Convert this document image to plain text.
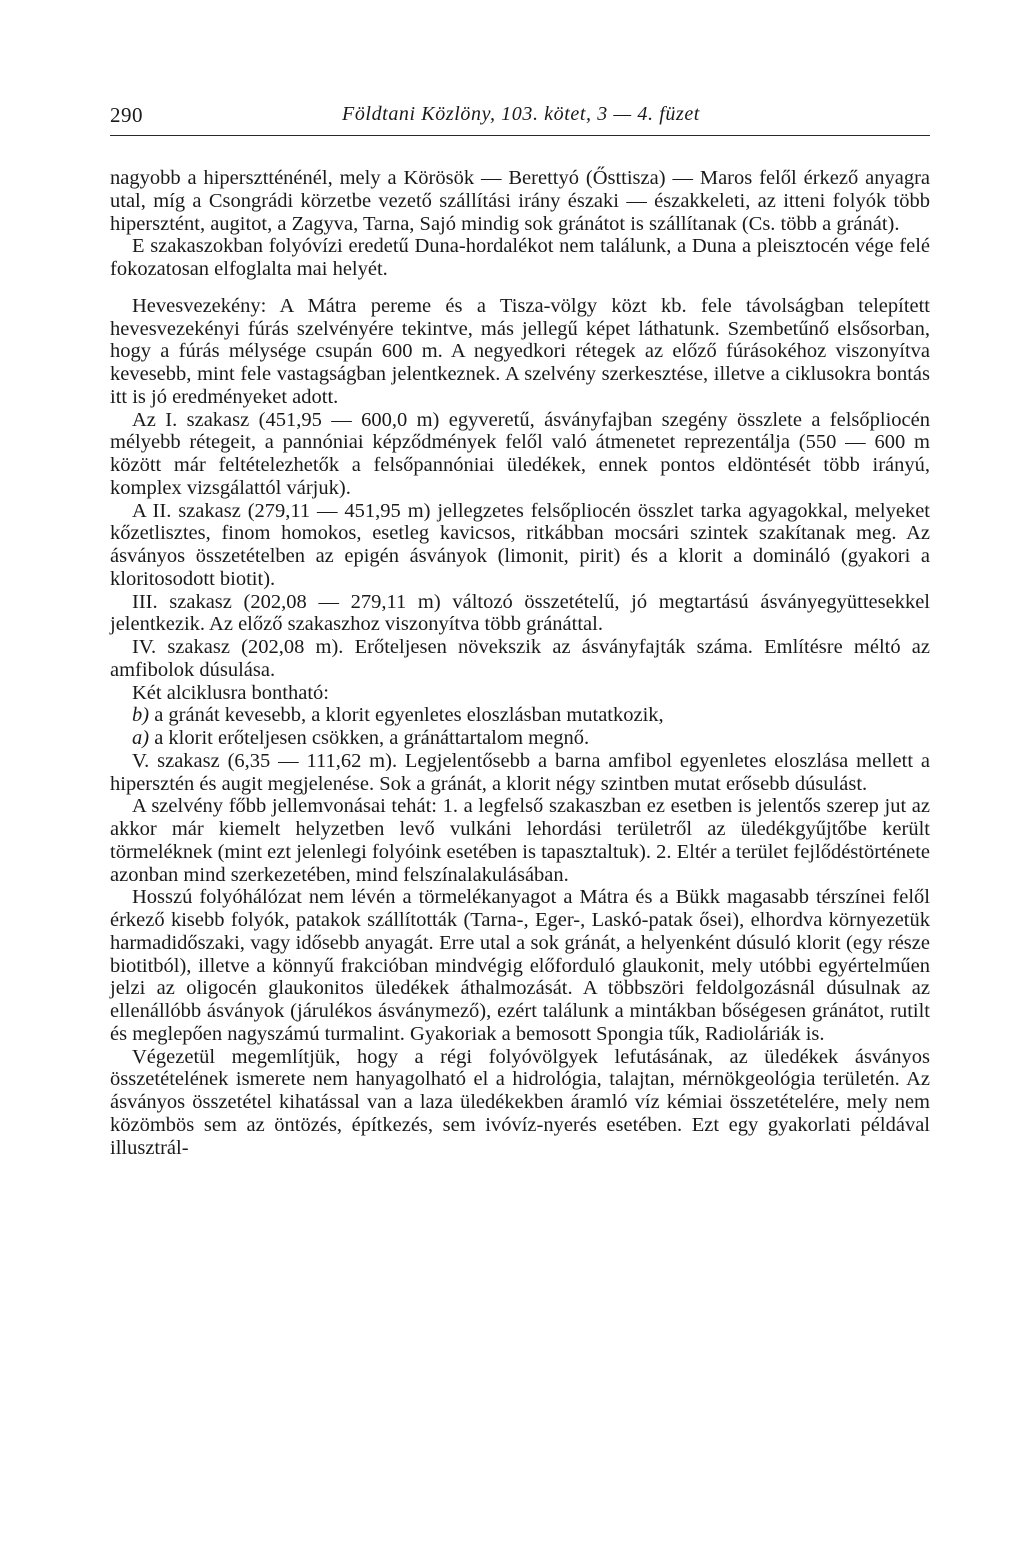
290	Földtani Közlöny, 103. kötet, 3 — 4. füzet

nagyobb a hipersztténénél, mely a Körösök — Berettyó (Ősttisza) — Maros felől érkező anyagra utal, míg a Csongrádi körzetbe vezető szállítási irány északi — északkeleti, az itteni folyók több hipersztént, augitot, a Zagyva, Tarna, Sajó mindig sok gránátot is szállítanak (Cs. több a gránát).

E szakaszokban folyóvízi eredetű Duna-hordalékot nem találunk, a Duna a pleisztocén vége felé fokozatosan elfoglalta mai helyét.

Hevesvezekény: A Mátra pereme és a Tisza-völgy közt kb. fele távolságban telepített hevesvezekényi fúrás szelvényére tekintve, más jellegű képet láthatunk. Szembetűnő elsősorban, hogy a fúrás mélysége csupán 600 m. A negyedkori rétegek az előző fúrásokéhoz viszonyítva kevesebb, mint fele vastagságban jelentkeznek. A szelvény szerkesztése, illetve a ciklusokra bontás itt is jó eredményeket adott.

Az I. szakasz (451,95 — 600,0 m) egyveretű, ásványfajban szegény összlete a felsőpliocén mélyebb rétegeit, a pannóniai képződmények felől való átmenetet reprezentálja (550 — 600 m között már feltételezhetők a felsőpannóniai üledékek, ennek pontos eldöntését több irányú, komplex vizsgálattól várjuk).

A II. szakasz (279,11 — 451,95 m) jellegzetes felsőpliocén összlet tarka agyagokkal, melyeket kőzetlisztes, finom homokos, esetleg kavicsos, ritkábban mocsári szintek szakítanak meg. Az ásványos összetételben az epigén ásványok (limonit, pirit) és a klorit a domináló (gyakori a kloritosodott biotit).

III. szakasz (202,08 — 279,11 m) változó összetételű, jó megtartású ásványegyüttesekkel jelentkezik. Az előző szakaszhoz viszonyítva több gránáttal.

IV. szakasz (202,08 m). Erőteljesen növekszik az ásványfajták száma. Említésre méltó az amfibolok dúsulása.

Két alciklusra bontható:

b) a gránát kevesebb, a klorit egyenletes eloszlásban mutatkozik,

a) a klorit erőteljesen csökken, a gránáttartalom megnő.

V. szakasz (6,35 — 111,62 m). Legjelentősebb a barna amfibol egyenletes eloszlása mellett a hipersztén és augit megjelenése. Sok a gránát, a klorit négy szintben mutat erősebb dúsulást.

A szelvény főbb jellemvonásai tehát: 1. a legfelső szakaszban ez esetben is jelentős szerep jut az akkor már kiemelt helyzetben levő vulkáni lehordási területről az üledékgyűjtőbe került törmeléknek (mint ezt jelenlegi folyóink esetében is tapasztaltuk). 2. Eltér a terület fejlődéstörténete azonban mind szerkezetében, mind felszínalakulásában.

Hosszú folyóhálózat nem lévén a törmelékanyagot a Mátra és a Bükk magasabb térszínei felől érkező kisebb folyók, patakok szállították (Tarna-, Eger-, Laskó-patak ősei), elhordva környezetük harmadidőszaki, vagy idősebb anyagát. Erre utal a sok gránát, a helyenként dúsuló klorit (egy része biotitból), illetve a könnyű frakcióban mindvégig előforduló glaukonit, mely utóbbi egyértelműen jelzi az oligocén glaukonitos üledékek áthalmozását. A többszöri feldolgozásnál dúsulnak az ellenállóbb ásványok (járulékos ásványmező), ezért találunk a mintákban bőségesen gránátot, rutilt és meglepően nagyszámú turmalint. Gyakoriak a bemosott Spongia tűk, Radioláriák is.

Végezetül megemlítjük, hogy a régi folyóvölgyek lefutásának, az üledékek ásványos összetételének ismerete nem hanyagolható el a hidrológia, talajtan, mérnökgeológia területén. Az ásványos összetétel kihatással van a laza üledékekben áramló víz kémiai összetételére, mely nem közömbös sem az öntözés, építkezés, sem ivóvíz-nyerés esetében. Ezt egy gyakorlati példával illusztrál-
